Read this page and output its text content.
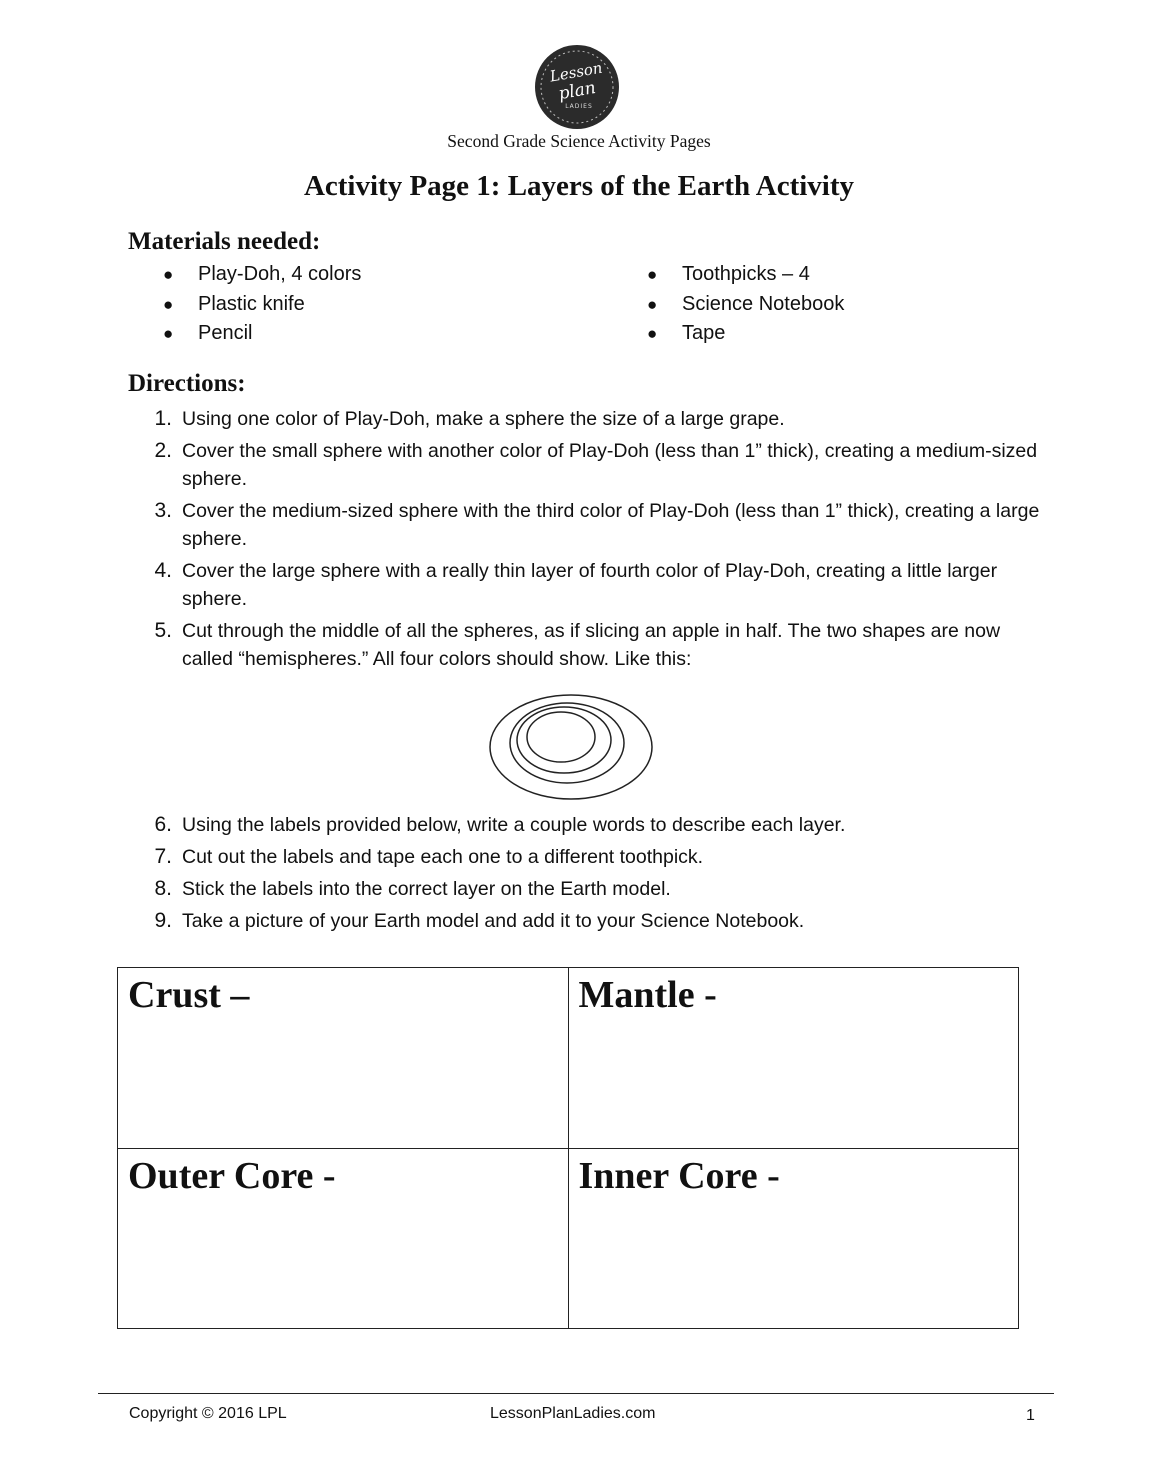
Lesson
plan
LADIES
Second Grade Science Activity Pages
Activity Page 1: Layers of the Earth Activity
Materials needed:
● Play-Doh, 4 colors
● Plastic knife
● Pencil
● Toothpicks – 4
● Science Notebook
● Tape
Directions:
1. Using one color of Play-Doh, make a sphere the size of a large grape.
2. Cover the small sphere with another color of Play-Doh (less than 1” thick), creating a medium-sized sphere.
3. Cover the medium-sized sphere with the third color of Play-Doh (less than 1” thick), creating a large sphere.
4. Cover the large sphere with a really thin layer of fourth color of Play-Doh, creating a little larger sphere.
5. Cut through the middle of all the spheres, as if slicing an apple in half. The two shapes are now called “hemispheres.” All four colors should show. Like this:
6. Using the labels provided below, write a couple words to describe each layer.
7. Cut out the labels and tape each one to a different toothpick.
8. Stick the labels into the correct layer on the Earth model.
9. Take a picture of your Earth model and add it to your Science Notebook.
Crust –	Mantle -

Outer Core -	Inner Core -
Copyright © 2016 LPL	LessonPlanLadies.com	1
